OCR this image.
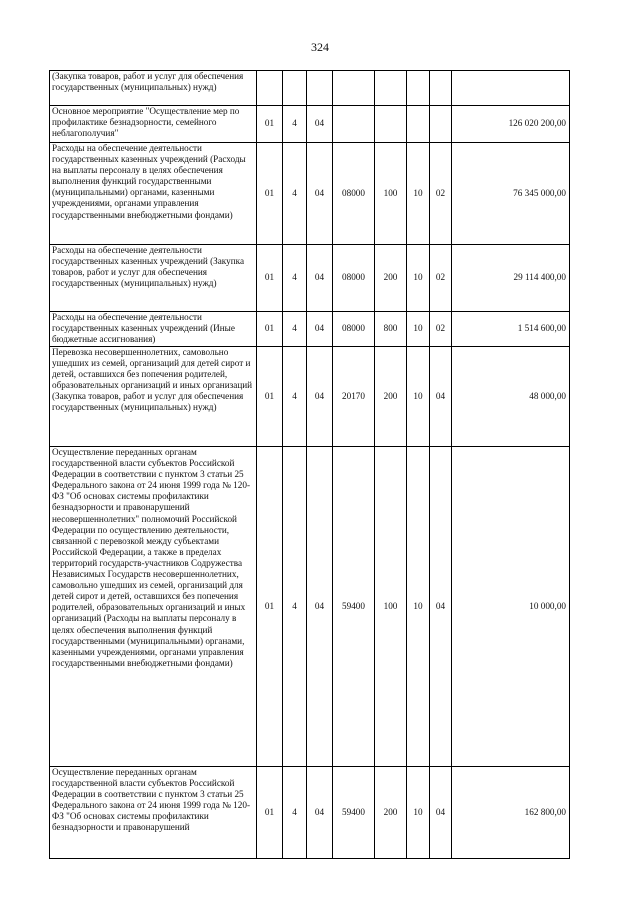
324
(Закупка товаров, работ и услуг для обеспечения государственных (муниципальных) нужд)								
Основное мероприятие "Осуществление мер по профилактике безнадзорности, семейного неблагополучия"	01	4	04					126 020 200,00
Расходы на обеспечение деятельности государственных казенных учреждений (Расходы на выплаты персоналу в целях обеспечения выполнения функций государственными (муниципальными) органами, казенными учреждениями, органами управления государственными внебюджетными фондами)	01	4	04	08000	100	10	02	76 345 000,00
Расходы на обеспечение деятельности государственных казенных учреждений (Закупка товаров, работ и услуг для обеспечения государственных (муниципальных) нужд)	01	4	04	08000	200	10	02	29 114 400,00
Расходы на обеспечение деятельности государственных казенных учреждений (Иные бюджетные ассигнования)	01	4	04	08000	800	10	02	1 514 600,00
Перевозка несовершеннолетних, самовольно ушедших из семей, организаций для детей сирот и детей, оставшихся без попечения родителей, образовательных организаций и иных организаций (Закупка товаров, работ и услуг для обеспечения государственных (муниципальных) нужд)	01	4	04	20170	200	10	04	48 000,00
Осуществление переданных органам государственной власти субъектов Российской Федерации в соответствии с пунктом 3 статьи 25 Федерального закона от 24 июня 1999 года № 120-ФЗ "Об основах системы профилактики безнадзорности и правонарушений несовершеннолетних" полномочий Российской Федерации по осуществлению деятельности, связанной с перевозкой между субъектами Российской Федерации, а также в пределах территорий государств-участников Содружества Независимых Государств несовершеннолетних, самовольно ушедших из семей, организаций для детей сирот и детей, оставшихся без попечения родителей, образовательных организаций и иных организаций (Расходы на выплаты персоналу в целях обеспечения выполнения функций государственными (муниципальными) органами, казенными учреждениями, органами управления государственными внебюджетными фондами)	01	4	04	59400	100	10	04	10 000,00
Осуществление переданных органам государственной власти субъектов Российской Федерации в соответствии с пунктом 3 статьи 25 Федерального закона от 24 июня 1999 года № 120-ФЗ "Об основах системы профилактики безнадзорности и правонарушений	01	4	04	59400	200	10	04	162 800,00
